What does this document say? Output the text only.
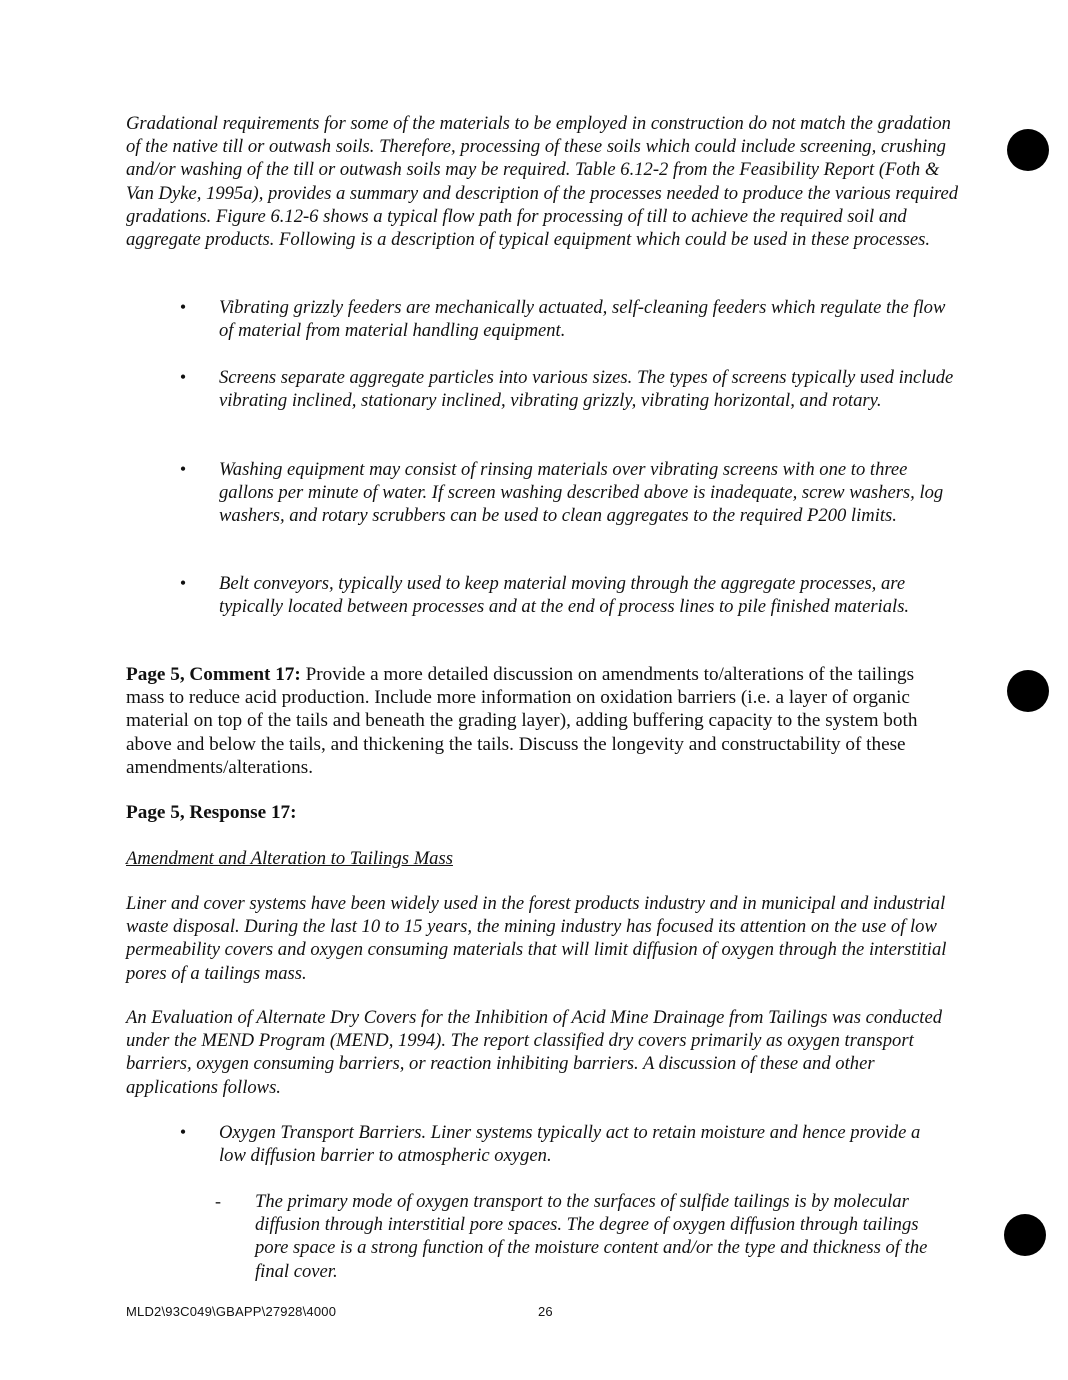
Gradational requirements for some of the materials to be employed in construction do not match the gradation of the native till or outwash soils. Therefore, processing of these soils which could include screening, crushing and/or washing of the till or outwash soils may be required. Table 6.12-2 from the Feasibility Report (Foth & Van Dyke, 1995a), provides a summary and description of the processes needed to produce the various required gradations. Figure 6.12-6 shows a typical flow path for processing of till to achieve the required soil and aggregate products. Following is a description of typical equipment which could be used in these processes.
• Vibrating grizzly feeders are mechanically actuated, self-cleaning feeders which regulate the flow of material from material handling equipment.
• Screens separate aggregate particles into various sizes. The types of screens typically used include vibrating inclined, stationary inclined, vibrating grizzly, vibrating horizontal, and rotary.
• Washing equipment may consist of rinsing materials over vibrating screens with one to three gallons per minute of water. If screen washing described above is inadequate, screw washers, log washers, and rotary scrubbers can be used to clean aggregates to the required P200 limits.
• Belt conveyors, typically used to keep material moving through the aggregate processes, are typically located between processes and at the end of process lines to pile finished materials.
Page 5, Comment 17: Provide a more detailed discussion on amendments to/alterations of the tailings mass to reduce acid production. Include more information on oxidation barriers (i.e. a layer of organic material on top of the tails and beneath the grading layer), adding buffering capacity to the system both above and below the tails, and thickening the tails. Discuss the longevity and constructability of these amendments/alterations.
Page 5, Response 17:
Amendment and Alteration to Tailings Mass
Liner and cover systems have been widely used in the forest products industry and in municipal and industrial waste disposal. During the last 10 to 15 years, the mining industry has focused its attention on the use of low permeability covers and oxygen consuming materials that will limit diffusion of oxygen through the interstitial pores of a tailings mass.
An Evaluation of Alternate Dry Covers for the Inhibition of Acid Mine Drainage from Tailings was conducted under the MEND Program (MEND, 1994). The report classified dry covers primarily as oxygen transport barriers, oxygen consuming barriers, or reaction inhibiting barriers. A discussion of these and other applications follows.
• Oxygen Transport Barriers. Liner systems typically act to retain moisture and hence provide a low diffusion barrier to atmospheric oxygen.
- The primary mode of oxygen transport to the surfaces of sulfide tailings is by molecular diffusion through interstitial pore spaces. The degree of oxygen diffusion through tailings pore space is a strong function of the moisture content and/or the type and thickness of the final cover.
MLD2\93C049\GBAPP\27928\4000	26
